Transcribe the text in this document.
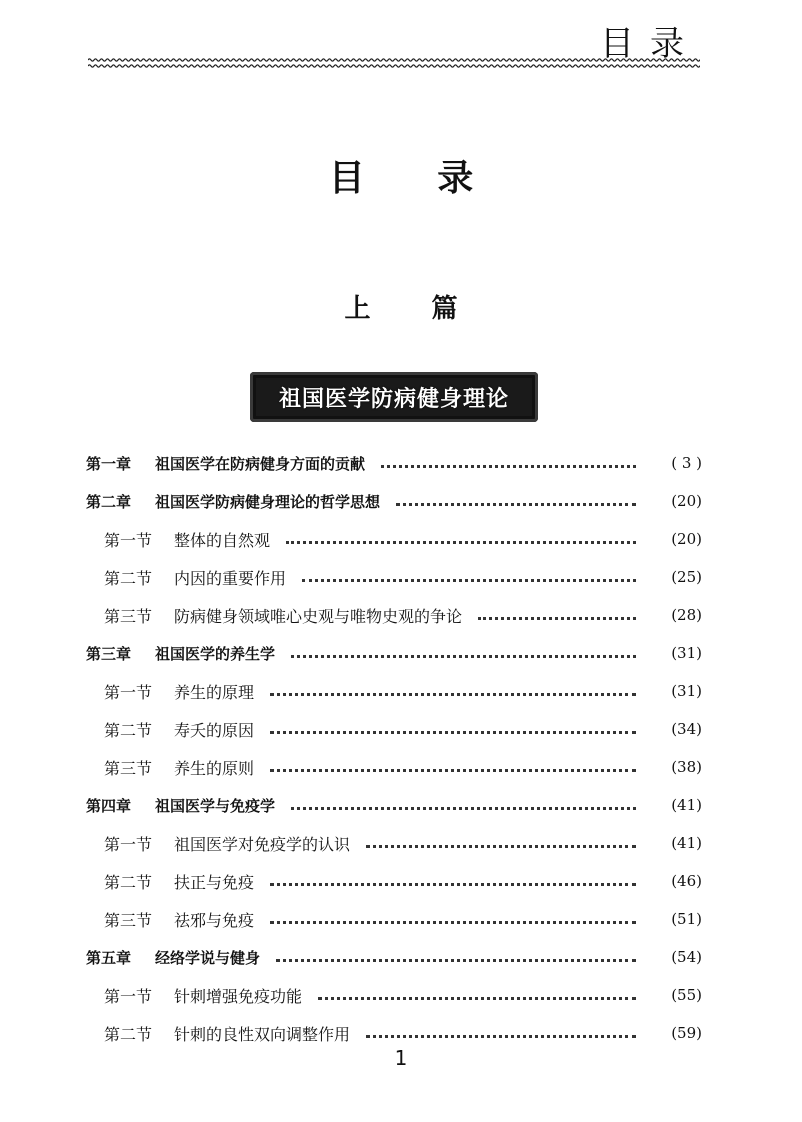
目录
目 录
上 篇
祖国医学防病健身理论
第一章 祖国医学在防病健身方面的贡献	( 3 )
第二章 祖国医学防病健身理论的哲学思想	(20)
第一节 整体的自然观	(20)
第二节 内因的重要作用	(25)
第三节 防病健身领域唯心史观与唯物史观的争论	(28)
第三章 祖国医学的养生学	(31)
第一节 养生的原理	(31)
第二节 寿夭的原因	(34)
第三节 养生的原则	(38)
第四章 祖国医学与免疫学	(41)
第一节 祖国医学对免疫学的认识	(41)
第二节 扶正与免疫	(46)
第三节 祛邪与免疫	(51)
第五章 经络学说与健身	(54)
第一节 针刺增强免疫功能	(55)
第二节 针刺的良性双向调整作用	(59)
1
